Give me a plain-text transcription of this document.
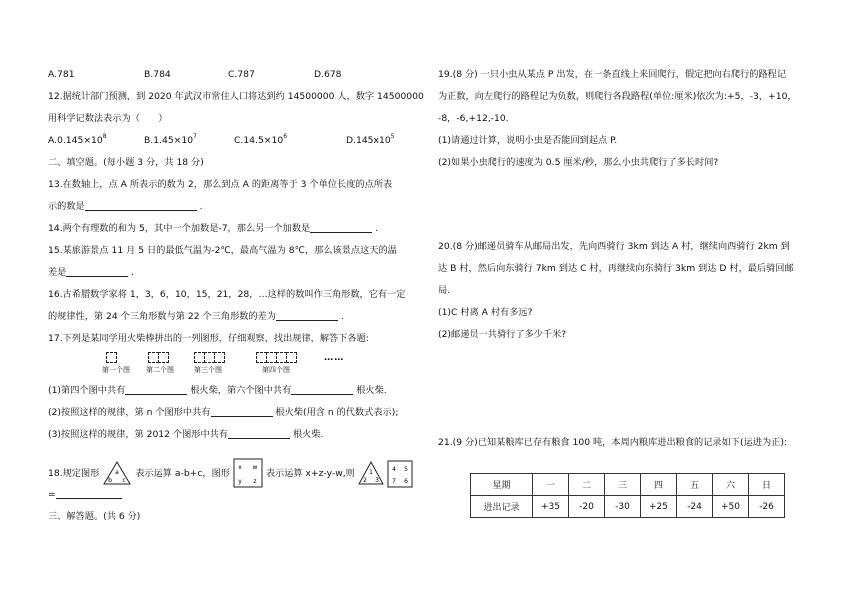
A.781	B.784	C.787	D.678
12.据统计部门预测，到 2020 年武汉市常住人口将达到约 14500000 人，数字 14500000
用科学记数法表示为（　　）
$A.0.145\times 10^8$	$B.1.45\times 10^7$	$C.14.5\times 10^6$	$D.145x10^5$
二、填空题。(每小题 3 分，共 18 分)
13.在数轴上，点 A 所表示的数为 2，那么到点 A 的距离等于 3 个单位长度的点所表
示的数是	.
14.两个有理数的和为 5，其中一个加数是-7，那么另一个加数是	.
15.某旅游景点 11 月 5 日的最低气温为-2℃，最高气温为 8℃，那么该景点这天的温
差是	.
16.古希腊数学家将 1，3，6，10，15，21，28，…这样的数叫作三角形数，它有一定
的规律性，第 24 个三角形数与第 22 个三角形数的差为	.
17.下列是某同学用火柴棒拼出的一列图形，仔细观察，找出规律，解答下各题:
第一个图 第二个图	第三个图	第四个图
……
(1)第四个图中共有	根火柴，第六个图中共有	根火柴.
(2)按照这样的规律，第 n 个图形中共有	根火柴(用含 n 的代数式表示);
(3)按照这样的规律，第 2012 个图形中共有	根火柴.
18.规定图形	a
b c
表示运算 a-b+c，图形
x w
y z
表示运算 x+z-y-w,则 1
2 3

4 5
7 6
=
三、解答题。(共 6 分)
19.(8 分) 一只小虫从某点 P 出发，在一条直线上来回爬行，假定把向右爬行的路程记
为正数，向左爬行的路程记为负数，则爬行各段路程(单位:厘米)依次为:+5，-3，+10，
-8，-6,+12,-10.
(1)请通过计算，说明小虫是否能回到起点 P.
(2)如果小虫爬行的速度为 0.5 厘米/秒，那么小虫共爬行了多长时间?
20.(8 分)邮递员骑车从邮局出发，先向西骑行 3km 到达 A 村，继续向西骑行 2km 到
达 B 村，然后向东骑行 7km 到达 C 村，再继续向东骑行 3km 到达 D 村，最后骑回邮
局.
(1)C 村离 A 村有多远?
(2)邮递员一共骑行了多少千米?
21.(9 分)已知某粮库已存有粮食 100 吨，本周内粮库进出粮食的记录如下(运进为正):
星期	一	二	三	四	五	六	日
进出记录	+35	-20	-30	+25	-24	+50	-26
